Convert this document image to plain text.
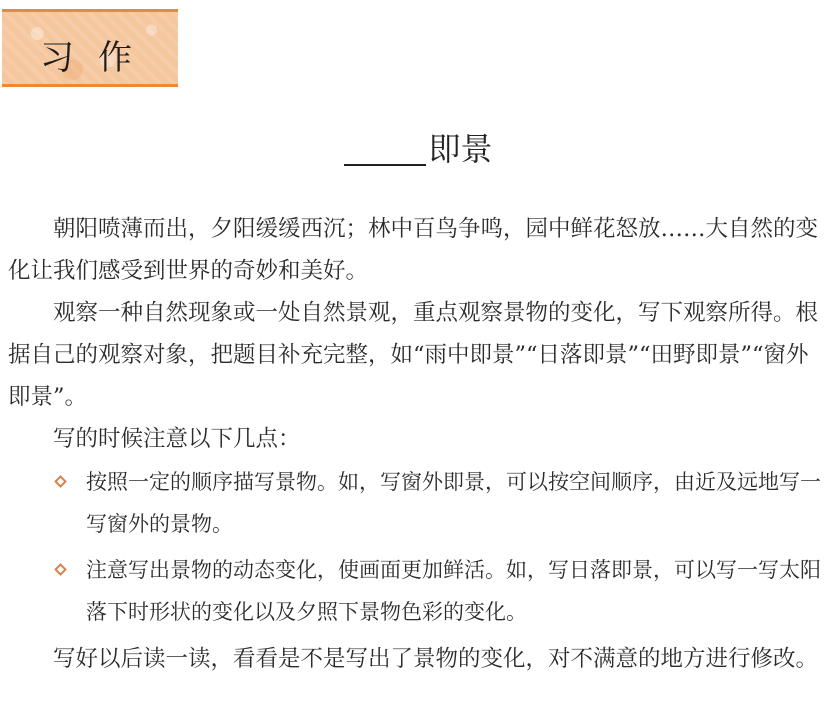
习作
即景

朝阳喷薄而出，夕阳缓缓西沉；林中百鸟争鸣，园中鲜花怒放……大自然的变化让我们感受到世界的奇妙和美好。

观察一种自然现象或一处自然景观，重点观察景物的变化，写下观察所得。根据自己的观察对象，把题目补充完整，如“雨中即景”“日落即景”“田野即景”“窗外即景”。

写的时候注意以下几点：

按照一定的顺序描写景物。如，写窗外即景，可以按空间顺序，由近及远地写一写窗外的景物。
注意写出景物的动态变化，使画面更加鲜活。如，写日落即景，可以写一写太阳落下时形状的变化以及夕照下景物色彩的变化。

写好以后读一读，看看是不是写出了景物的变化，对不满意的地方进行修改。
